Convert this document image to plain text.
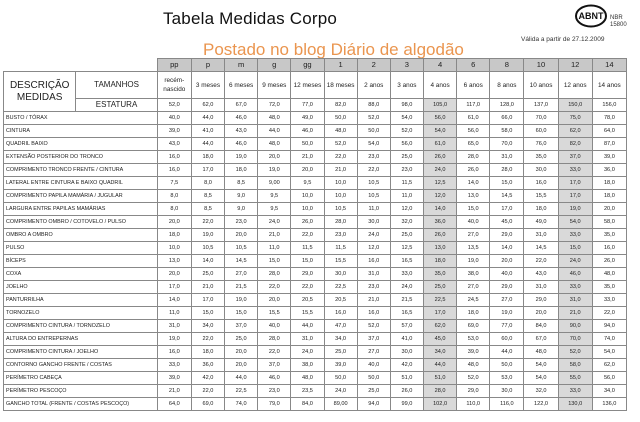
Tabela Medidas Corpo
Postado no blog Diário de algodão
ABNT NBR
15800
Válida a partir de 27.12.2009
		pp	p	m	g	gg	1	2	3	4	6	8	10	12	14
DESCRIÇÃO MEDIDAS	TAMANHOS	recém-nascido	3 meses	6 meses	9 meses	12 meses	18 meses	2 anos	3 anos	4 anos	6 anos	8 anos	10 anos	12 anos	14 anos
	ESTATURA	52,0	62,0	67,0	72,0	77,0	82,0	88,0	98,0	105,0	117,0	128,0	137,0	150,0	156,0
BUSTO / TÓRAX		40,0	44,0	46,0	48,0	49,0	50,0	52,0	54,0	56,0	61,0	66,0	70,0	75,0	78,0
CINTURA		39,0	41,0	43,0	44,0	46,0	48,0	50,0	52,0	54,0	56,0	58,0	60,0	62,0	64,0
QUADRIL BAIXO		43,0	44,0	46,0	48,0	50,0	52,0	54,0	56,0	61,0	65,0	70,0	76,0	82,0	87,0
EXTENSÃO POSTERIOR DO TRONCO		16,0	18,0	19,0	20,0	21,0	22,0	23,0	25,0	26,0	28,0	31,0	35,0	37,0	39,0
COMPRIMENTO TRONCO FRENTE / CINTURA		16,0	17,0	18,0	19,0	20,0	21,0	22,0	23,0	24,0	26,0	28,0	30,0	33,0	36,0
LATERAL ENTRE CINTURA E BAIXO QUADRIL		7,5	8,0	8,5	9,00	9,5	10,0	10,5	11,5	12,5	14,0	15,0	16,0	17,0	18,0
COMPRIMENTO PAPILA MAMÁRIA / JUGULAR		8,0	8,5	9,0	9,5	10,0	10,0	10,5	11,0	12,0	13,0	14,5	15,5	17,0	18,0
LARGURA ENTRE PAPILAS MAMÁRIAS		8,0	8,5	9,0	9,5	10,0	10,5	11,0	12,0	14,0	15,0	17,0	18,0	19,0	20,0
COMPRIMENTO OMBRO / COTOVELO / PULSO		20,0	22,0	23,0	24,0	26,0	28,0	30,0	32,0	36,0	40,0	45,0	49,0	54,0	58,0
OMBRO A OMBRO		18,0	19,0	20,0	21,0	22,0	23,0	24,0	25,0	26,0	27,0	29,0	31,0	33,0	35,0
PULSO		10,0	10,5	10,5	11,0	11,5	11,5	12,0	12,5	13,0	13,5	14,0	14,5	15,0	16,0
BÍCEPS		13,0	14,0	14,5	15,0	15,0	15,5	16,0	16,5	18,0	19,0	20,0	22,0	24,0	26,0
COXA		20,0	25,0	27,0	28,0	29,0	30,0	31,0	33,0	35,0	38,0	40,0	43,0	46,0	48,0
JOELHO		17,0	21,0	21,5	22,0	22,0	22,5	23,0	24,0	25,0	27,0	29,0	31,0	33,0	35,0
PANTURRILHA		14,0	17,0	19,0	20,0	20,5	20,5	21,0	21,5	22,5	24,5	27,0	29,0	31,0	33,0
TORNOZELO		11,0	15,0	15,0	15,5	15,5	16,0	16,0	16,5	17,0	18,0	19,0	20,0	21,0	22,0
COMPRIMENTO CINTURA / TORNOZELO		31,0	34,0	37,0	40,0	44,0	47,0	52,0	57,0	62,0	69,0	77,0	84,0	90,0	94,0
ALTURA DO ENTREPERNAS		19,0	22,0	25,0	28,0	31,0	34,0	37,0	41,0	45,0	53,0	60,0	67,0	70,0	74,0
COMPRIMENTO CINTURA / JOELHO		16,0	18,0	20,0	22,0	24,0	25,0	27,0	30,0	34,0	39,0	44,0	48,0	52,0	54,0
CONTORNO GANCHO FRENTE / COSTAS		33,0	36,0	20,0	37,0	38,0	39,0	40,0	42,0	44,0	48,0	50,0	54,0	58,0	62,0
PERÍMETRO CABEÇA		39,0	42,0	44,0	46,0	48,0	50,0	50,0	51,0	51,0	52,0	53,0	54,0	55,0	56,0
PERÍMETRO PESCOÇO		21,0	22,0	22,5	23,0	23,5	24,0	25,0	26,0	28,0	29,0	30,0	32,0	33,0	34,0
GANCHO TOTAL (FRENTE / COSTAS PESCOÇO)		64,0	69,0	74,0	79,0	84,0	89,00	94,0	99,0	102,0	110,0	116,0	122,0	130,0	136,0
